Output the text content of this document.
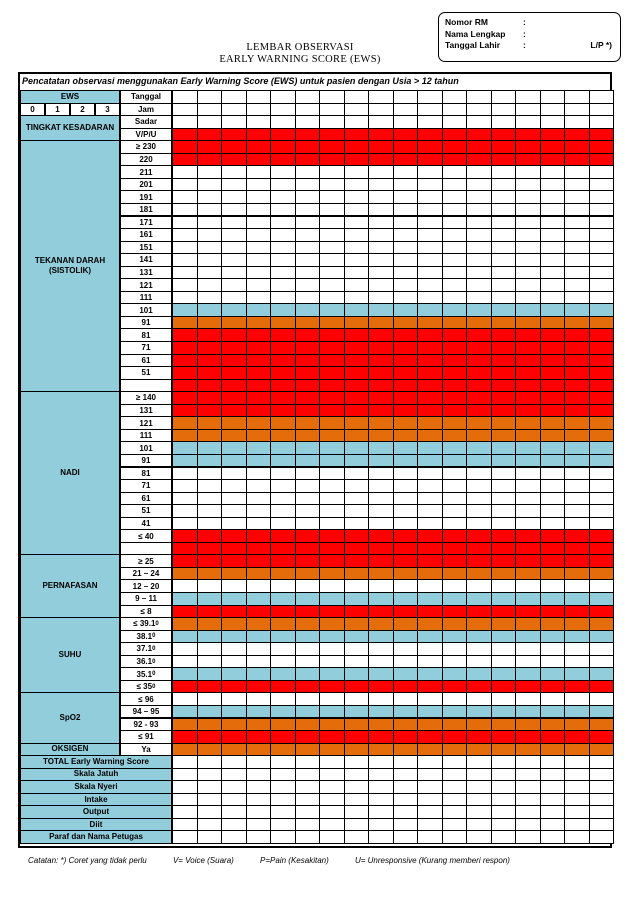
Nomor RM	:
Nama Lengkap :
Tanggal Lahir	:	L/P *)
LEMBAR OBSERVASI
EARLY WARNING SCORE (EWS)
Pencatatan observasi menggunakan Early Warning Score (EWS) untuk pasien dengan Usia > 12 tahun
EWS	Tanggal
0	1	2	3	Jam
TINGKAT KESADARAN
Sadar
V/P/U
TEKANAN DARAH (SISTOLIK)
≥ 230
220
211
201
191
181
171
161
151
141
131
121
111
101
91
81
71
61
51
NADI
≥ 140
131
121
111
101
91
81
71
61
51
41
≤ 40
PERNAFASAN
≥ 25
21 – 24
12 – 20
9 – 11
≤ 8
SUHU
≤ 39.1 0
38.1 0
37.1 0
36.1 0
35.1 0
≤ 35 0
SpO2
≤ 96
94 – 95
92 - 93
≤ 91
OKSIGEN	Ya
TOTAL Early Warning Score
Skala Jatuh
Skala Nyeri
Intake
Output
Diit
Paraf dan Nama Petugas
Catatan: *) Coret yang tidak perlu	V= Voice (Suara)	P=Pain (Kesakitan)	U= Unresponsive (Kurang memberi respon)
